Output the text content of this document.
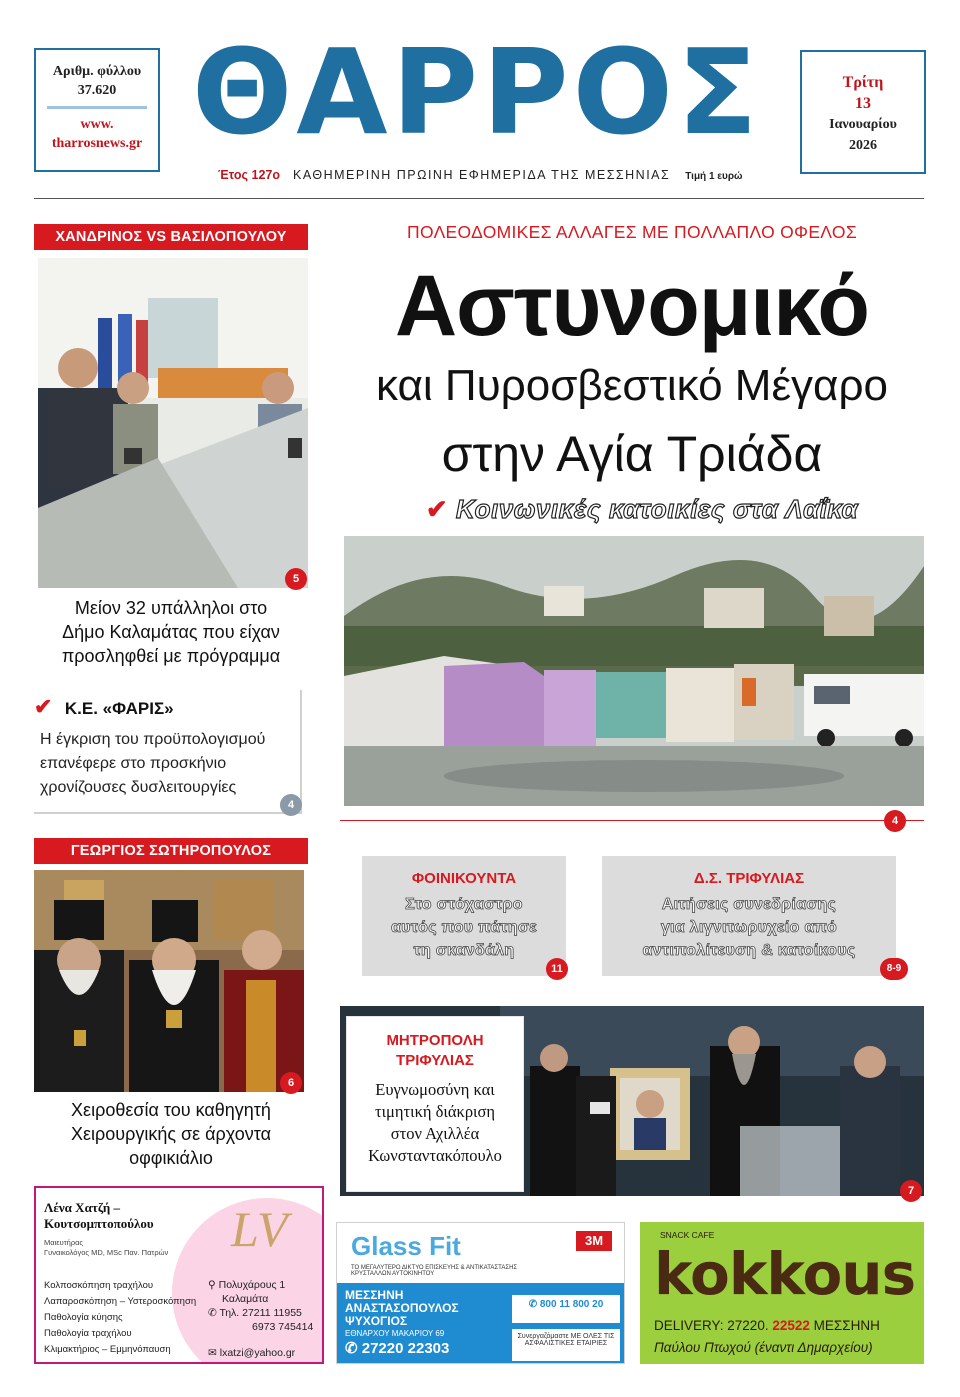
Αριθμ. φύλλου
37.620
www.
tharrosnews.gr ΘΑΡΡΟΣ
Έτος 127ο ΚΑΘΗΜΕΡΙΝΗ ΠΡΩΙΝΗ ΕΦΗΜΕΡΙΔΑ ΤΗΣ ΜΕΣΣΗΝΙΑΣ Τιμή 1 ευρώ
Τρίτη
13
Ιανουαρίου
2026
ΧΑΝΔΡΙΝΟΣ VS ΒΑΣΙΛΟΠΟΥΛΟΥ
5
Μείον 32 υπάλληλοι στο
Δήμο Καλαμάτας που είχαν
προσληφθεί με πρόγραμμα
✔ Κ.Ε. «ΦΑΡΙΣ»
Η έγκριση του προϋπολογισμού
επανέφερε στο προσκήνιο
χρονίζουσες δυσλειτουργίες
4
ΓΕΩΡΓΙΟΣ ΣΩΤΗΡΟΠΟΥΛΟΣ
6
Χειροθεσία του καθηγητή
Χειρουργικής σε άρχοντα
οφφικιάλιο
ΠΟΛΕΟΔΟΜΙΚΕΣ ΑΛΛΑΓΕΣ ΜΕ ΠΟΛΛΑΠΛΟ ΟΦΕΛΟΣ
Αστυνομικό
και Πυροσβεστικό Μέγαρο
στην Αγία Τριάδα
✔ Κοινωνικές κατοικίες στα Λαΐκα
4
ΦΟΙΝΙΚΟΥΝΤΑ
Στο στόχαστρο
αυτός που πάτησε
τη σκανδάλη
11
Δ.Σ. ΤΡΙΦΥΛΙΑΣ
Αιτήσεις συνεδρίασης
για λιγνιτωρυχείο από
αντιπολίτευση & κατοίκους
8-9
ΜΗΤΡΟΠΟΛΗ
ΤΡΙΦΥΛΙΑΣ
Ευγνωμοσύνη και
τιμητική διάκριση
στον Αχιλλέα
Κωνσταντακόπουλο
7
LV
Λένα Χατζή –
Κουτσομπτοπούλου
Μαιευτήρας
Γυναικολόγος MD, MSc Παν. Πατρών
Κολποσκόπηση τραχήλου
Λαπαροσκόπηση – Υστεροσκόπηση
Παθολογία κύησης
Παθολογία τραχήλου
Κλιμακτήριος – Εμμηνόπαυση
⚲ Πολυχάρους 1
Καλαμάτα
✆ Τηλ. 27211 11955
6973 745414
✉ lxatzi@yahoo.gr
Glass Fit	3M
ΤΟ ΜΕΓΑΛΥΤΕΡΟ ΔΙΚΤΥΟ ΕΠΙΣΚΕΥΗΣ & ΑΝΤΙΚΑΤΑΣΤΑΣΗΣ ΚΡΥΣΤΑΛΛΩΝ ΑΥΤΟΚΙΝΗΤΟΥ
ΜΕΣΣΗΝΗ
ΑΝΑΣΤΑΣΟΠΟΥΛΟΣ
ΨΥΧΟΓΙΟΣ
ΕΘΝΑΡΧΟΥ ΜΑΚΑΡΙΟΥ 69
✆ 27220 22303
✆ 800 11 800 20
Συνεργαζόμαστε ΜΕ ΟΛΕΣ ΤΙΣ ΑΣΦΑΛΙΣΤΙΚΕΣ ΕΤΑΙΡΙΕΣ
SNACK CAFE
kokkous
DELIVERY: 27220. 22522 ΜΕΣΣΗΝΗ
Παύλου Πτωχού (έναντι Δημαρχείου)
